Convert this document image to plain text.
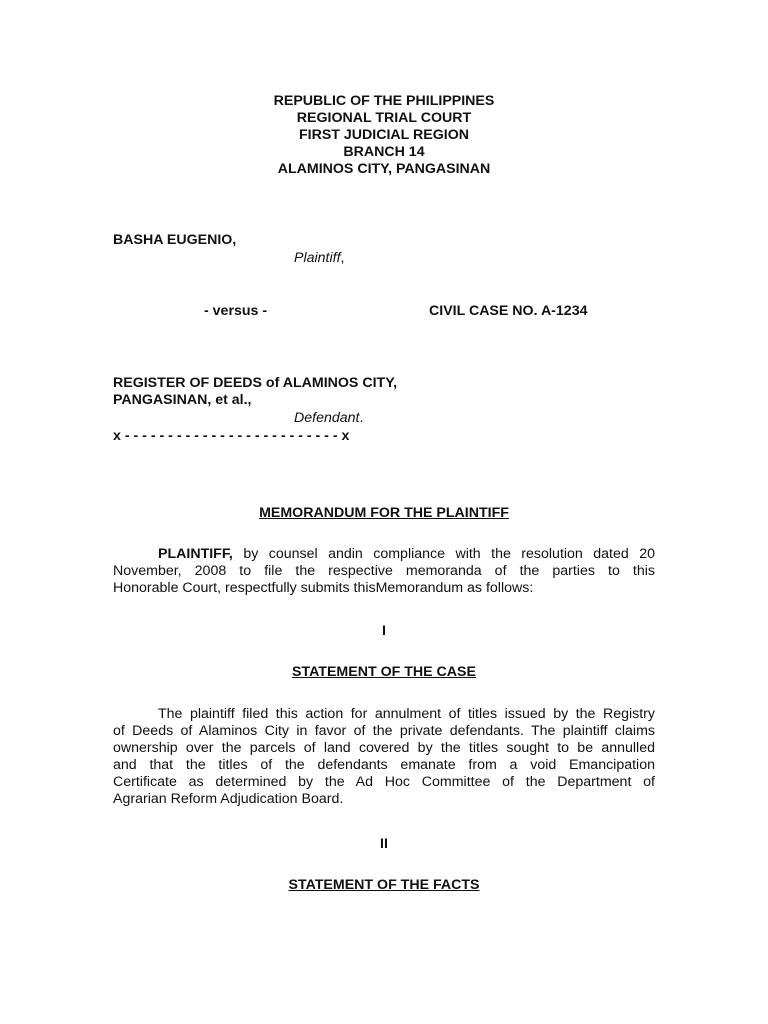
REPUBLIC OF THE PHILIPPINES
REGIONAL TRIAL COURT
FIRST JUDICIAL REGION
BRANCH 14
ALAMINOS CITY, PANGASINAN
BASHA EUGENIO,
Plaintiff,
- versus -	CIVIL CASE NO. A-1234
REGISTER OF DEEDS of ALAMINOS CITY,
PANGASINAN, et al.,
Defendant.
x - - - - - - - - - - - - - - - - - - - - - - - - - x
MEMORANDUM FOR THE PLAINTIFF
PLAINTIFF, by counsel andin compliance with the resolution dated 20
November, 2008 to file the respective memoranda of the parties to this
Honorable Court, respectfully submits thisMemorandum as follows:
I
STATEMENT OF THE CASE
The plaintiff filed this action for annulment of titles issued by the Registry
of Deeds of Alaminos City in favor of the private defendants. The plaintiff claims
ownership over the parcels of land covered by the titles sought to be annulled
and that the titles of the defendants emanate from a void Emancipation
Certificate as determined by the Ad Hoc Committee of the Department of
Agrarian Reform Adjudication Board.
II
STATEMENT OF THE FACTS
